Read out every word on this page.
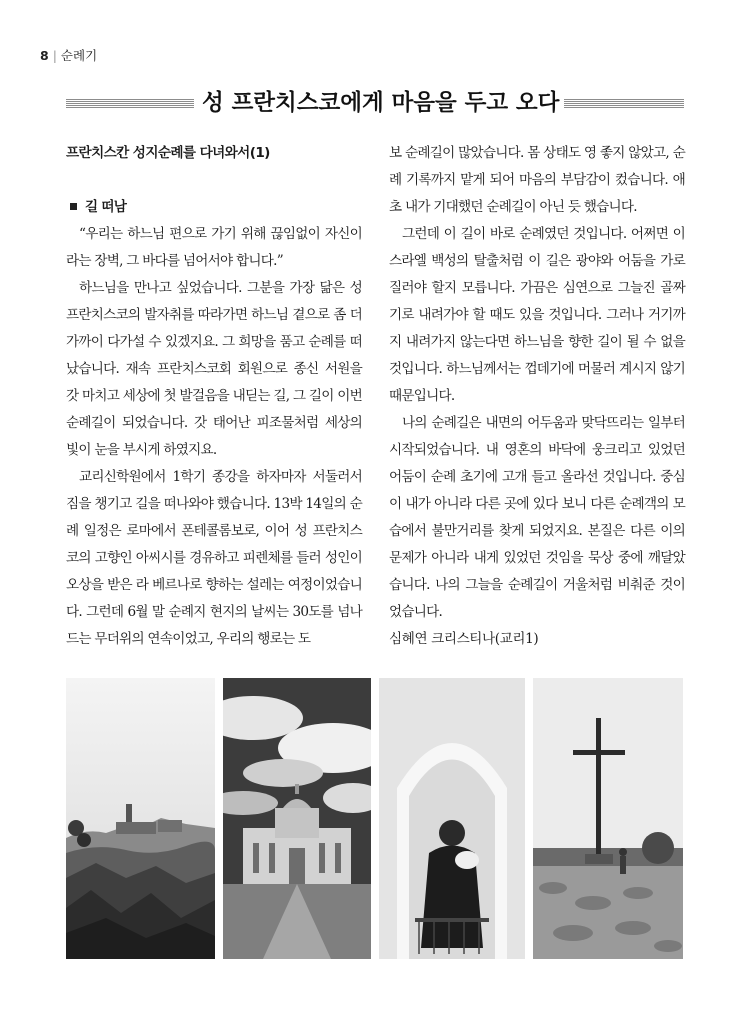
8 | 순례기
성 프란치스코에게 마음을 두고 오다

프란치스칸 성지순례를 다녀와서(1)

길 떠남

“우리는 하느님 편으로 가기 위해 끊임없이 자신이라는 장벽, 그 바다를 넘어서야 합니다.”

하느님을 만나고 싶었습니다. 그분을 가장 닮은 성 프란치스코의 발자취를 따라가면 하느님 곁으로 좀 더 가까이 다가설 수 있겠지요. 그 희망을 품고 순례를 떠났습니다. 재속 프란치스코회 회원으로 종신 서원을 갓 마치고 세상에 첫 발걸음을 내딛는 길, 그 길이 이번 순례길이 되었습니다. 갓 태어난 피조물처럼 세상의 빛이 눈을 부시게 하였지요.

교리신학원에서 1학기 종강을 하자마자 서둘러서 짐을 챙기고 길을 떠나와야 했습니다. 13박 14일의 순례 일정은 로마에서 폰테콜롬보로, 이어 성 프란치스코의 고향인 아씨시를 경유하고 피렌체를 들러 성인이 오상을 받은 라 베르나로 향하는 설레는 여정이었습니다. 그런데 6월 말 순례지 현지의 날씨는 30도를 넘나드는 무더위의 연속이었고, 우리의 행로는 도

보 순례길이 많았습니다. 몸 상태도 영 좋지 않았고, 순례 기록까지 맡게 되어 마음의 부담감이 컸습니다. 애초 내가 기대했던 순례길이 아닌 듯 했습니다.

그런데 이 길이 바로 순례였던 것입니다. 어쩌면 이스라엘 백성의 탈출처럼 이 길은 광야와 어둠을 가로질러야 할지 모릅니다. 가끔은 심연으로 그늘진 골짜기로 내려가야 할 때도 있을 것입니다. 그러나 거기까지 내려가지 않는다면 하느님을 향한 길이 될 수 없을 것입니다. 하느님께서는 껍데기에 머물러 계시지 않기 때문입니다.

나의 순례길은 내면의 어두움과 맞닥뜨리는 일부터 시작되었습니다. 내 영혼의 바닥에 웅크리고 있었던 어둠이 순례 초기에 고개 들고 올라선 것입니다. 중심이 내가 아니라 다른 곳에 있다 보니 다른 순례객의 모습에서 불만거리를 찾게 되었지요. 본질은 다른 이의 문제가 아니라 내게 있었던 것임을 묵상 중에 깨달았습니다. 나의 그늘을 순례길이 거울처럼 비춰준 것이었습니다.

심혜연 크리스티나(교리1)
